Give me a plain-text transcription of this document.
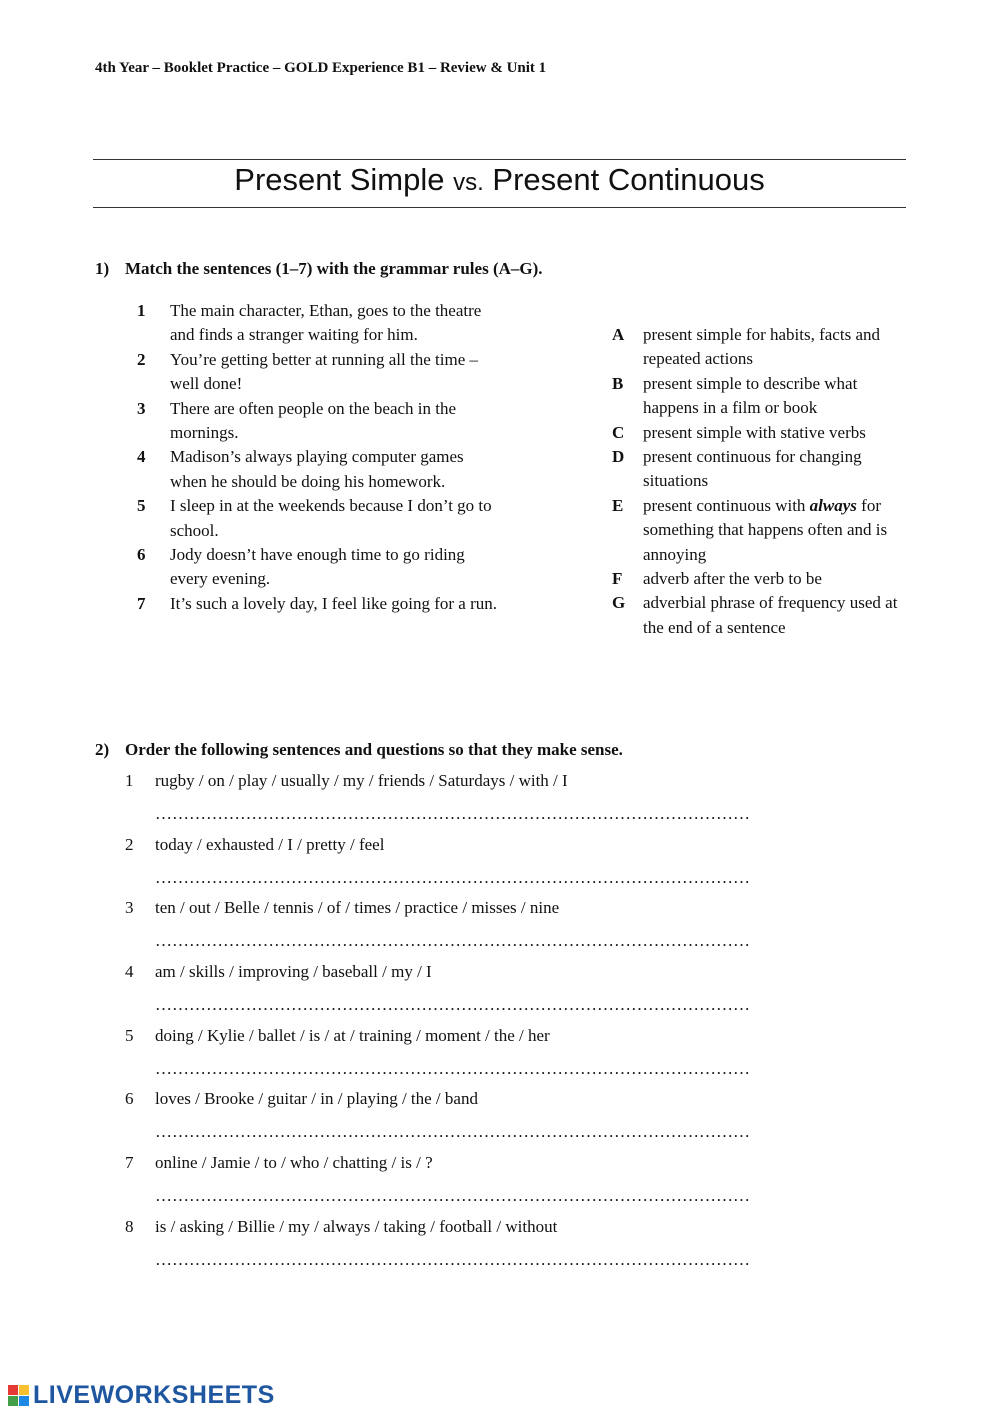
4th Year – Booklet Practice – GOLD Experience B1 – Review & Unit 1
Present Simple vs. Present Continuous
1) Match the sentences (1–7) with the grammar rules (A–G).
1	The main character, Ethan, goes to the theatre and finds a stranger waiting for him.
2	You’re getting better at running all the time – well done!
3	There are often people on the beach in the mornings.
4	Madison’s always playing computer games when he should be doing his homework.
5	I sleep in at the weekends because I don’t go to school.
6	Jody doesn’t have enough time to go riding every evening.
7	It’s such a lovely day, I feel like going for a run.
A	present simple for habits, facts and repeated actions
B	present simple to describe what happens in a film or book
C	present simple with stative verbs
D	present continuous for changing situations
E	present continuous with always for something that happens often and is annoying
F	adverb after the verb to be
G	adverbial phrase of frequency used at the end of a sentence
2) Order the following sentences and questions so that they make sense.
1	rugby / on / play / usually / my / friends / Saturdays / with / I
……………………………………………………………………………………………
2	today / exhausted / I / pretty / feel
……………………………………………………………………………………………
3	ten / out / Belle / tennis / of / times / practice / misses / nine
……………………………………………………………………………………………
4	am / skills / improving / baseball / my / I
……………………………………………………………………………………………
5	doing / Kylie / ballet / is / at / training / moment / the / her
……………………………………………………………………………………………
6	loves / Brooke / guitar / in / playing / the / band
……………………………………………………………………………………………
7	online / Jamie / to / who / chatting / is / ?
……………………………………………………………………………………………
8	is / asking / Billie / my / always / taking / football / without
……………………………………………………………………………………………
LIVEWORKSHEETS
